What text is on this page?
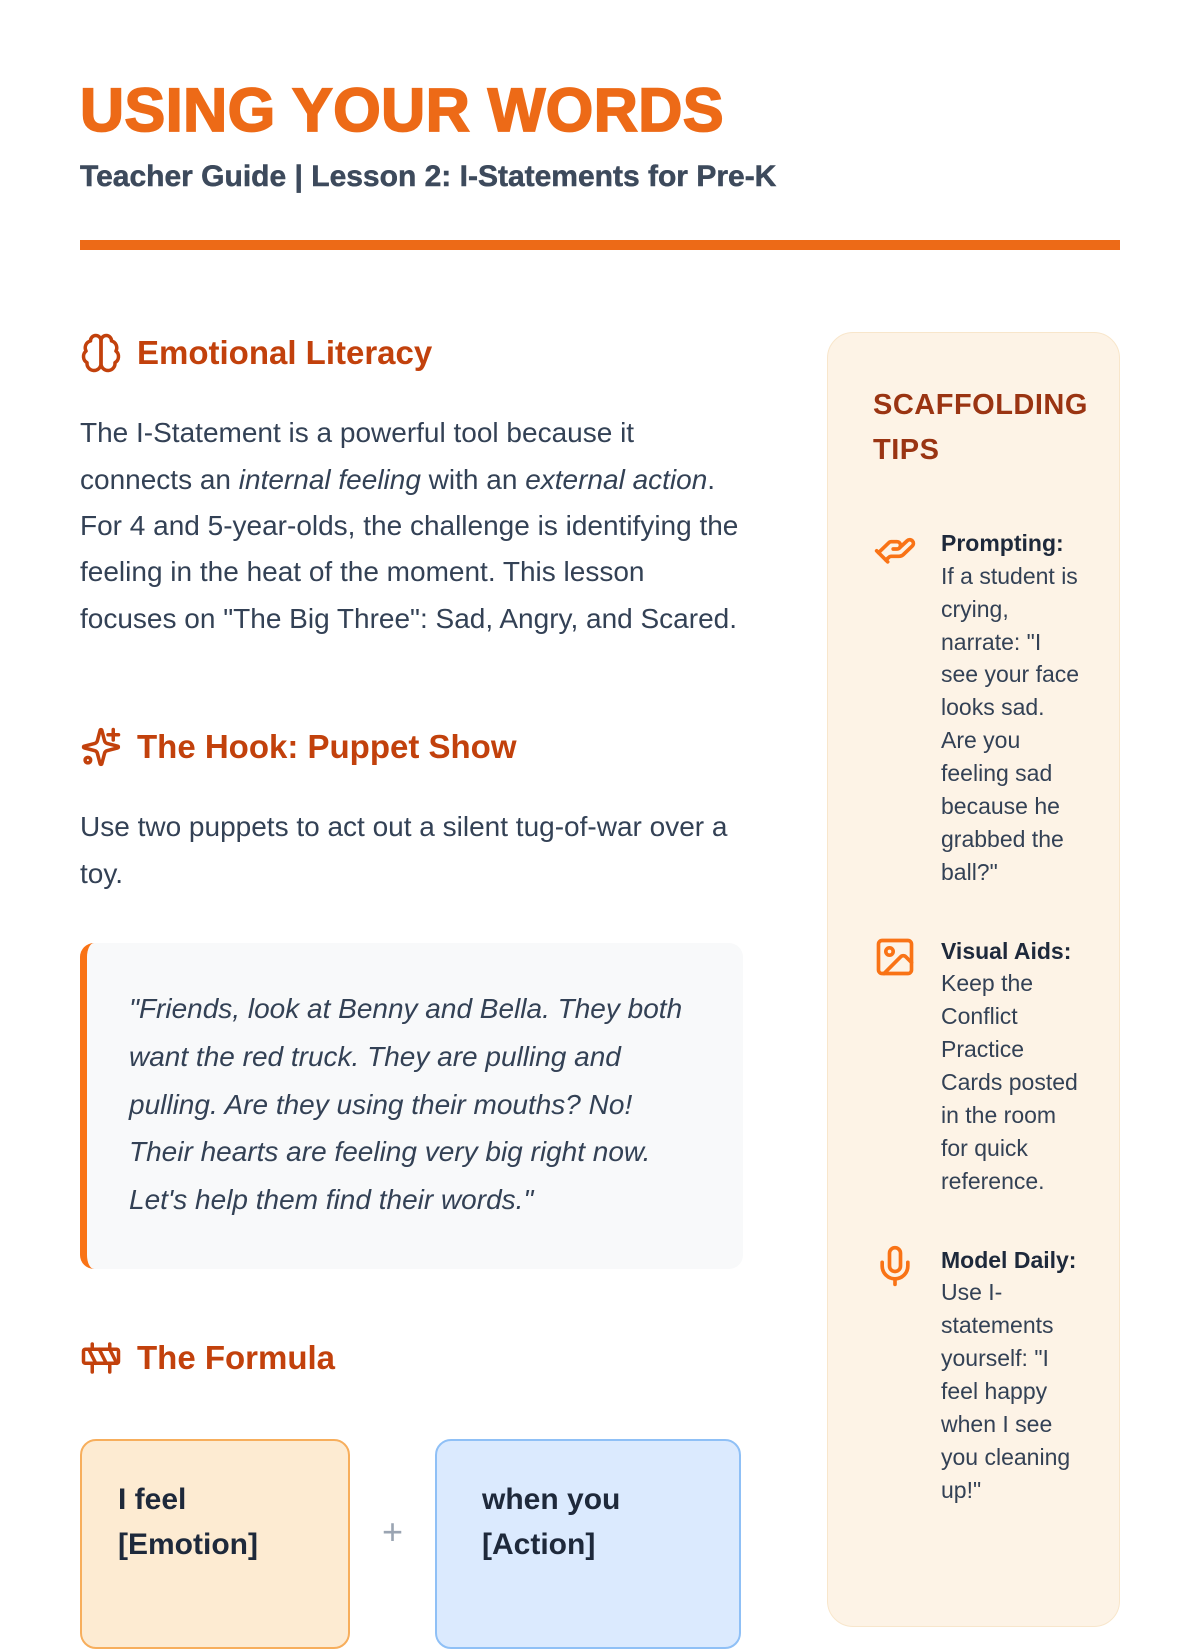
USING YOUR WORDS

Teacher Guide | Lesson 2: I-Statements for Pre-K

Emotional Literacy

The I-Statement is a powerful tool because it connects an internal feeling with an external action. For 4 and 5-year-olds, the challenge is identifying the feeling in the heat of the moment. This lesson focuses on "The Big Three": Sad, Angry, and Scared.

The Hook: Puppet Show

Use two puppets to act out a silent tug-of-war over a toy.

"Friends, look at Benny and Bella. They both want the red truck. They are pulling and pulling. Are they using their mouths? No! Their hearts are feeling very big right now. Let's help them find their words."
The Formula
I feel [Emotion]	+
when you [Action]
SCAFFOLDING TIPS

Prompting: If a student is crying, narrate: "I see your face looks sad. Are you feeling sad because he grabbed the ball?"

Visual Aids: Keep the Conflict Practice Cards posted in the room for quick reference.

Model Daily: Use I-statements yourself: "I feel happy when I see you cleaning up!"
